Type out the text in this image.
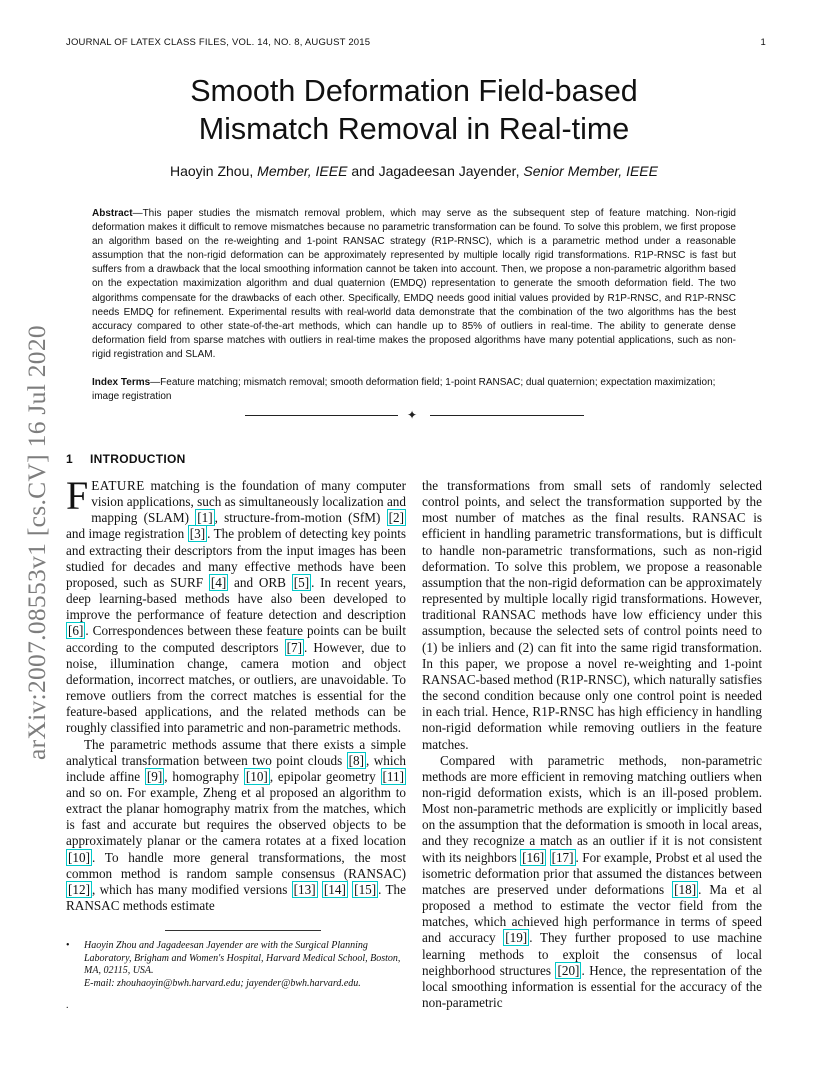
JOURNAL OF LATEX CLASS FILES, VOL. 14, NO. 8, AUGUST 2015	1
arXiv:2007.08553v1 [cs.CV] 16 Jul 2020
Smooth Deformation Field-based
Mismatch Removal in Real-time
Haoyin Zhou, Member, IEEE and Jagadeesan Jayender, Senior Member, IEEE
Abstract—This paper studies the mismatch removal problem, which may serve as the subsequent step of feature matching. Non-rigid deformation makes it difficult to remove mismatches because no parametric transformation can be found. To solve this problem, we first propose an algorithm based on the re-weighting and 1-point RANSAC strategy (R1P-RNSC), which is a parametric method under a reasonable assumption that the non-rigid deformation can be approximately represented by multiple locally rigid transformations. R1P-RNSC is fast but suffers from a drawback that the local smoothing information cannot be taken into account. Then, we propose a non-parametric algorithm based on the expectation maximization algorithm and dual quaternion (EMDQ) representation to generate the smooth deformation field. The two algorithms compensate for the drawbacks of each other. Specifically, EMDQ needs good initial values provided by R1P-RNSC, and R1P-RNSC needs EMDQ for refinement. Experimental results with real-world data demonstrate that the combination of the two algorithms has the best accuracy compared to other state-of-the-art methods, which can handle up to 85% of outliers in real-time. The ability to generate dense deformation field from sparse matches with outliers in real-time makes the proposed algorithms have many potential applications, such as non-rigid registration and SLAM.
Index Terms—Feature matching; mismatch removal; smooth deformation field; 1-point RANSAC; dual quaternion; expectation maximization; image registration
✦
1 INTRODUCTION

FEATURE matching is the foundation of many computer vision applications, such as simultaneously localization and mapping (SLAM) [1] , structure-from-motion (SfM) [2] and image registration [3] . The problem of detecting key points and extracting their descriptors from the input images has been studied for decades and many effective methods have been proposed, such as SURF [4] and ORB [5] . In recent years, deep learning-based methods have also been developed to improve the performance of feature detection and description [6] . Correspondences between these feature points can be built according to the computed descriptors [7] . However, due to noise, illumination change, camera motion and object deformation, incorrect matches, or outliers, are unavoidable. To remove outliers from the correct matches is essential for the feature-based applications, and the related methods can be roughly classified into parametric and non-parametric methods.

The parametric methods assume that there exists a simple analytical transformation between two point clouds [8] , which include affine [9] , homography [10] , epipolar geometry [11] and so on. For example, Zheng et al proposed an algorithm to extract the planar homography matrix from the matches, which is fast and accurate but requires the observed objects to be approximately planar or the camera rotates at a fixed location [10] . To handle more general transformations, the most common method is random sample consensus (RANSAC) [12] , which has many modified versions [13] [14] [15] . The RANSAC methods estimate

the transformations from small sets of randomly selected control points, and select the transformation supported by the most number of matches as the final results. RANSAC is efficient in handling parametric transformations, but is difficult to handle non-parametric transformations, such as non-rigid deformation. To solve this problem, we propose a reasonable assumption that the non-rigid deformation can be approximately represented by multiple locally rigid transformations. However, traditional RANSAC methods have low efficiency under this assumption, because the selected sets of control points need to (1) be inliers and (2) can fit into the same rigid transformation. In this paper, we propose a novel re-weighting and 1-point RANSAC-based method (R1P-RNSC), which naturally satisfies the second condition because only one control point is needed in each trial. Hence, R1P-RNSC has high efficiency in handling non-rigid deformation while removing outliers in the feature matches.

Compared with parametric methods, non-parametric methods are more efficient in removing matching outliers when non-rigid deformation exists, which is an ill-posed problem. Most non-parametric methods are explicitly or implicitly based on the assumption that the deformation is smooth in local areas, and they recognize a match as an outlier if it is not consistent with its neighbors [16] [17] . For example, Probst et al used the isometric deformation prior that assumed the distances between matches are preserved under deformations [18] . Ma et al proposed a method to estimate the vector field from the matches, which achieved high performance in terms of speed and accuracy [19] . They further proposed to use machine learning methods to exploit the consensus of local neighborhood structures [20] . Hence, the representation of the local smoothing information is essential for the accuracy of the non-parametric

• Haoyin Zhou and Jagadeesan Jayender are with the Surgical Planning Laboratory, Brigham and Women's Hospital, Harvard Medical School, Boston, MA, 02115, USA.
E-mail: zhouhaoyin@bwh.harvard.edu; jayender@bwh.harvard.edu.
.
